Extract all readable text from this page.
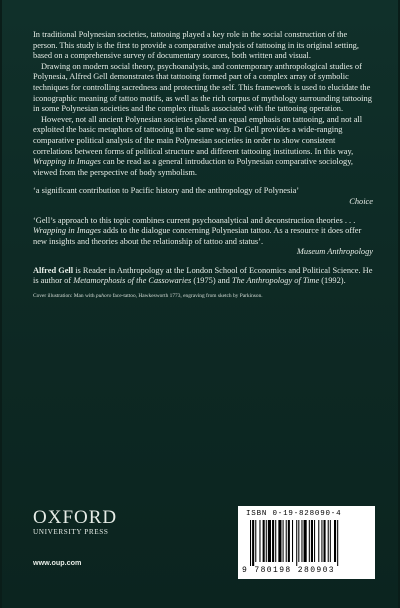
In traditional Polynesian societies, tattooing played a key role in the social construction of the person. This study is the first to provide a comparative analysis of tattooing in its original setting, based on a comprehensive survey of documentary sources, both written and visual.

Drawing on modern social theory, psychoanalysis, and contemporary anthropological studies of Polynesia, Alfred Gell demonstrates that tattooing formed part of a complex array of symbolic techniques for controlling sacredness and protecting the self. This framework is used to elucidate the iconographic meaning of tattoo motifs, as well as the rich corpus of mythology surrounding tattooing in some Polynesian societies and the complex rituals associated with the tattooing operation.

However, not all ancient Polynesian societies placed an equal emphasis on tattooing, and not all exploited the basic metaphors of tattooing in the same way. Dr Gell provides a wide-ranging comparative political analysis of the main Polynesian societies in order to show consistent correlations between forms of political structure and different tattooing institutions. In this way, Wrapping in Images can be read as a general introduction to Polynesian comparative sociology, viewed from the perspective of body symbolism.

‘a significant contribution to Pacific history and the anthropology of Polynesia’
Choice
‘Gell’s approach to this topic combines current psychoanalytical and deconstruction theories . . . Wrapping in Images adds to the dialogue concerning Polynesian tattoo. As a resource it does offer new insights and theories about the relationship of tattoo and status’.
Museum Anthropology
Alfred Gell is Reader in Anthropology at the London School of Economics and Political Science. He is author of Metamorphosis of the Cassowaries (1975) and The Anthropology of Time (1992).
Cover illustration: Man with puhoro face-tattoo, Hawkesworth 1773, engraving from sketch by Parkinson.
OXFORD
UNIVERSITY PRESS
www.oup.com
ISBN 0-19-828090-4
9 780198 280903
